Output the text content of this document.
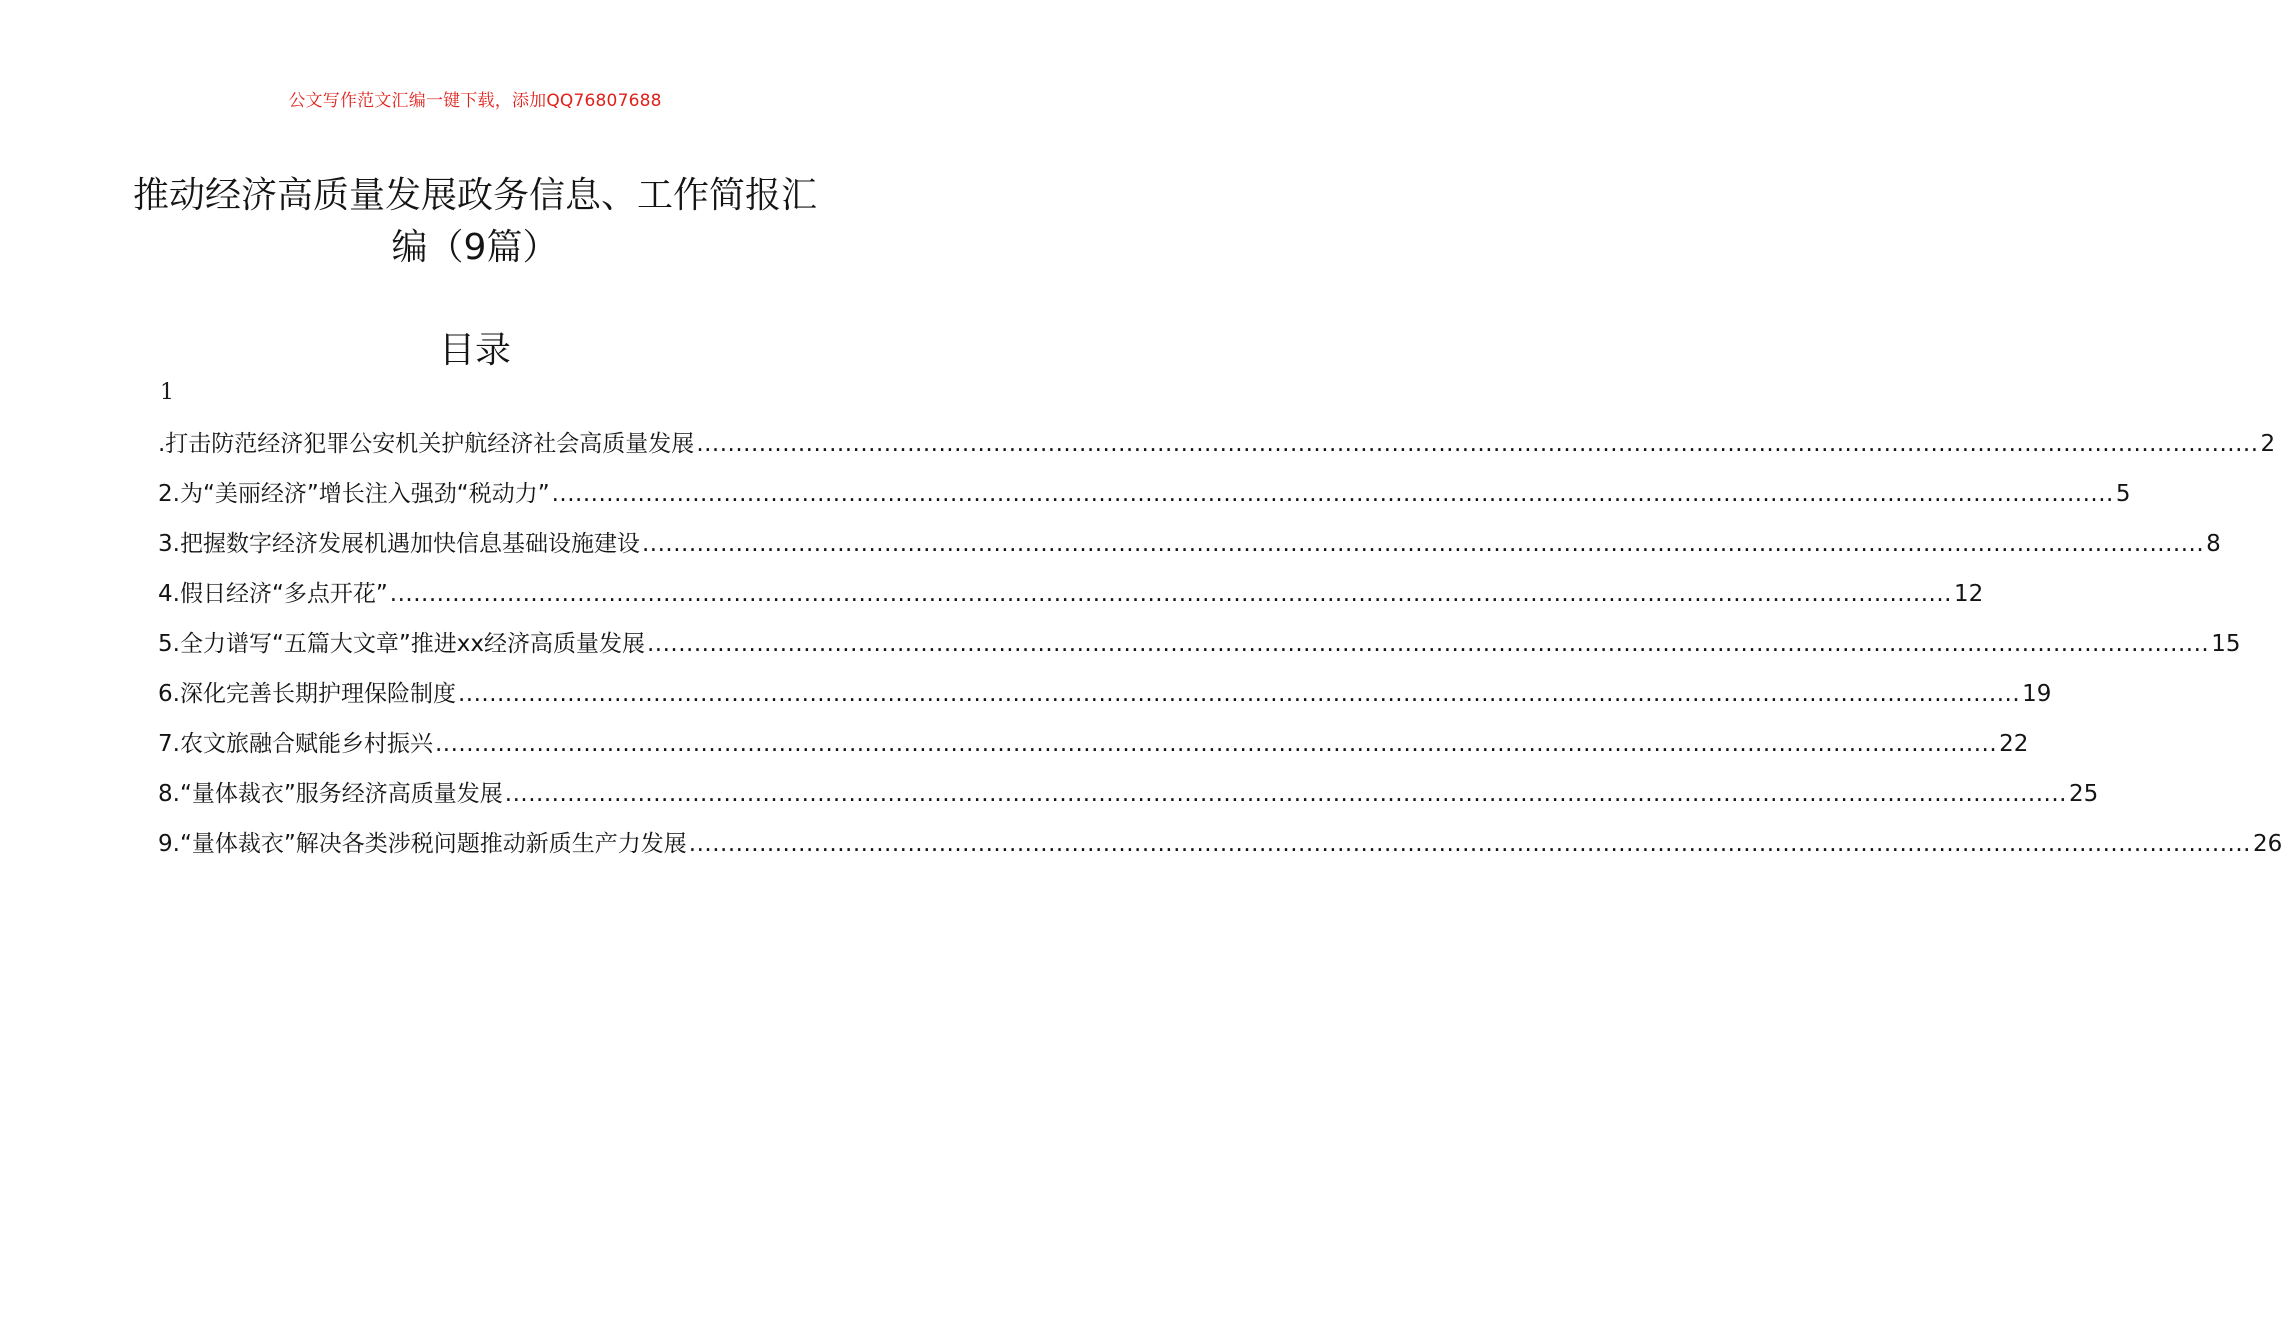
公文写作范文汇编一键下载，添加QQ76807688
推动经济高质量发展政务信息、工作简报汇编（9篇）
目录
1
.打击防范经济犯罪公安机关护航经济社会高质量发展 ........................................................................................................................................................................................................ 2
2.为“美丽经济”增长注入强劲“税动力” ........................................................................................................................................................................................................ 5
3.把握数字经济发展机遇加快信息基础设施建设 ........................................................................................................................................................................................................ 8
4.假日经济“多点开花” ........................................................................................................................................................................................................ 12
5.全力谱写“五篇大文章”推进xx经济高质量发展 ........................................................................................................................................................................................................ 15
6.深化完善长期护理保险制度 ........................................................................................................................................................................................................ 19
7.农文旅融合赋能乡村振兴 ........................................................................................................................................................................................................ 22
8.“量体裁衣”服务经济高质量发展 ........................................................................................................................................................................................................ 25
9.“量体裁衣”解决各类涉税问题推动新质生产力发展 ........................................................................................................................................................................................................ 26
